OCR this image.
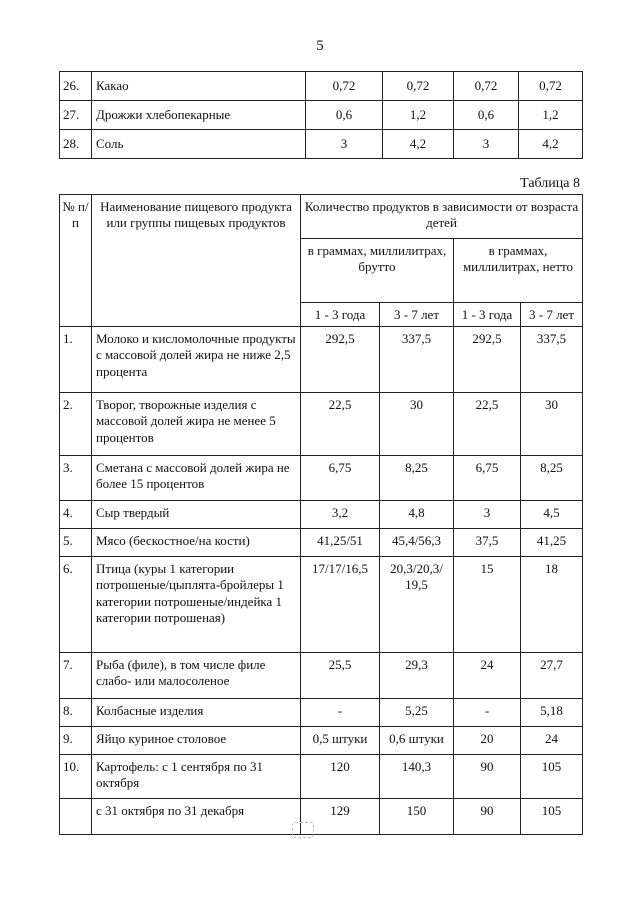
5
26.	Какао	0,72	0,72	0,72	0,72
27.	Дрожжи хлебопекарные	0,6	1,2	0,6	1,2
28.	Соль	3	4,2	3	4,2
Таблица 8
№ п/п	Наименование пищевого продукта или группы пищевых продуктов	Количество продуктов в зависимости от возраста детей			
		в граммах, миллилитрах, брутто		в граммах, миллилитрах, нетто	
		1 - 3 года	3 - 7 лет	1 - 3 года	3 - 7 лет
1.	Молоко и кисломолочные продукты с массовой долей жира не ниже 2,5 процента	292,5	337,5	292,5	337,5
2.	Творог, творожные изделия с массовой долей жира не менее 5 процентов	22,5	30	22,5	30
3.	Сметана с массовой долей жира не более 15 процентов	6,75	8,25	6,75	8,25
4.	Сыр твердый	3,2	4,8	3	4,5
5.	Мясо (бескостное/на кости)	41,25/51	45,4/56,3	37,5	41,25
6.	Птица (куры 1 категории потрошеные/цыплята-бройлеры 1 категории потрошеные/индейка 1 категории потрошеная)	17/17/16,5	20,3/20,3/ 19,5	15	18
7.	Рыба (филе), в том числе филе слабо- или малосоленое	25,5	29,3	24	27,7
8.	Колбасные изделия	-	5,25	-	5,18
9.	Яйцо куриное столовое	0,5 штуки	0,6 штуки	20	24
10.	Картофель: с 1 сентября по 31 октября	120	140,3	90	105
	с 31 октября по 31 декабря	129	150	90	105
